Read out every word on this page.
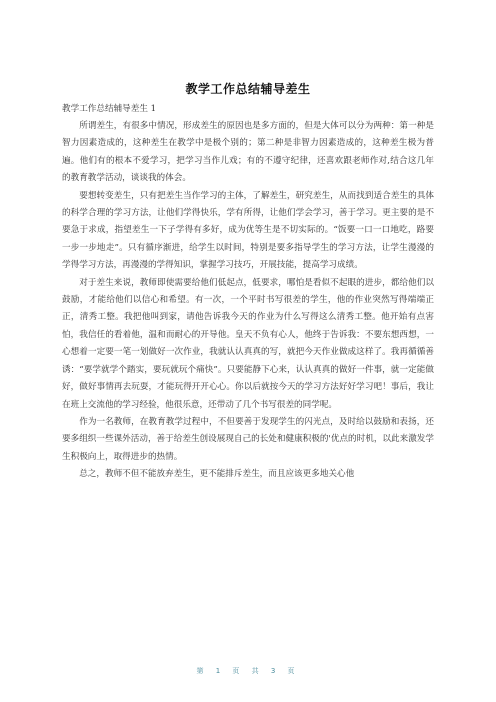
教学工作总结辅导差生

教学工作总结辅导差生 1

所谓差生，有很多中情况，形成差生的原因也是多方面的，但是大体可以分为两种：第一种是智力因素造成的，这种差生在教学中是极个别的；第二种是非智力因素造成的，这种差生极为普遍。他们有的根本不爱学习，把学习当作儿戏；有的不遵守纪律，还喜欢跟老师作对,结合这几年的教育教学活动，谈谈我的体会。

要想转变差生，只有把差生当作学习的主体，了解差生，研究差生，从而找到适合差生的具体的科学合理的学习方法，让他们学得快乐，学有所得，让他们学会学习，善于学习。更主要的是不要急于求成，指望差生一下子学得有多好，成为优等生是不切实际的。“饭要一口一口地吃，路要一步一步地走”。只有循序渐进，给学生以时间，特别是要多指导学生的学习方法，让学生漫漫的学得学习方法，再漫漫的学得知识，掌握学习技巧，开展技能，提高学习成绩。

对于差生来说，教师即使需要给他们低起点，低要求，哪怕是看似不起眼的进步，都给他们以鼓励，才能给他们以信心和希望。有一次，一个平时书写很差的学生，他的作业突然写得端端正正，清秀工整。我把他叫到家，请他告诉我今天的作业为什么写得这么清秀工整。他开始有点害怕，我信任的看着他，温和而耐心的开导他。皇天不负有心人，他终于告诉我：不要东想西想，一心想着一定要一笔一划做好一次作业，我就认认真真的写，就把今天作业做成这样了。我再循循善诱：“要学就学个踏实，要玩就玩个痛快”。只要能静下心来，认认真真的做好一件事，就一定能做好，做好事情再去玩耍，才能玩得开开心心。你以后就按今天的学习方法好好学习吧！事后，我让在班上交流他的学习经验，他很乐意，还带动了几个书写很差的同学呢。

作为一名教师，在教育教学过程中，不但要善于发现学生的闪光点，及时给以鼓励和表扬，还要多组织一些课外活动，善于给差生创设展现自己的长处和健康积极的'优点的时机，以此来激发学生积极向上，取得进步的热情。

总之，教师不但不能放弃差生，更不能排斥差生，而且应该更多地关心他

第 1 页 共 3 页
